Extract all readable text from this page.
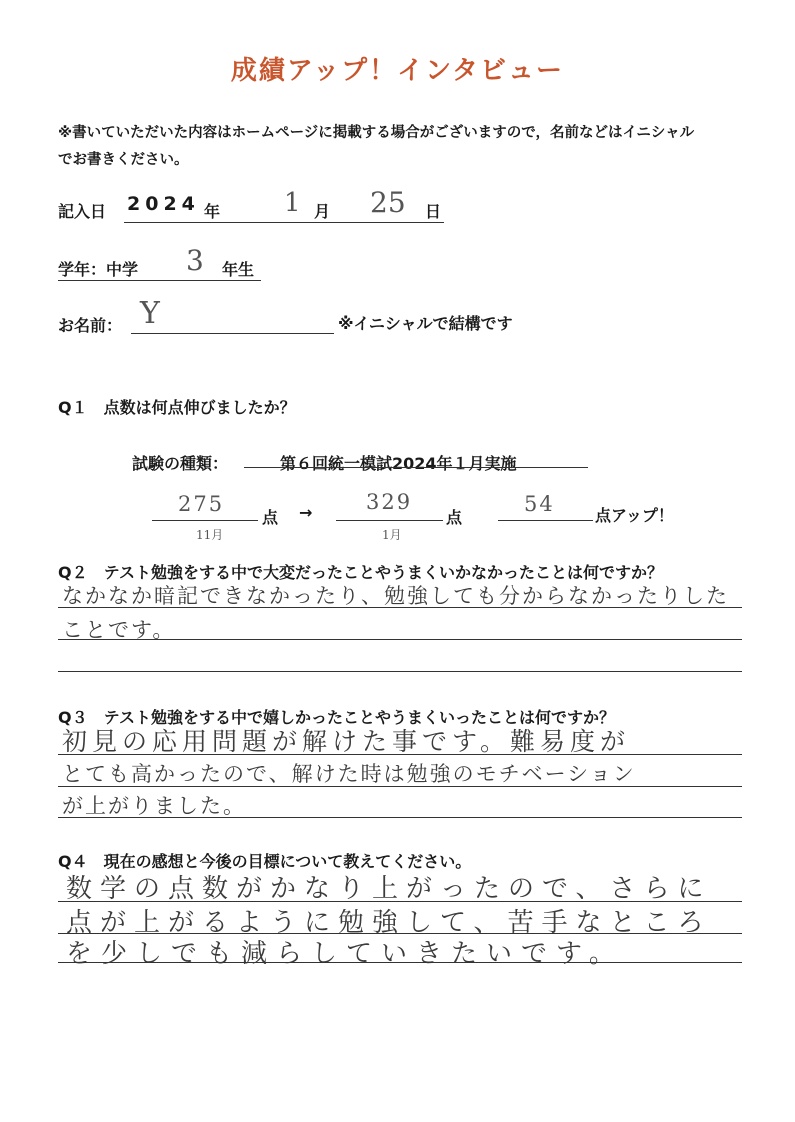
成績アップ！インタビュー
※書いていただいた内容はホームページに掲載する場合がございますので，名前などはイニシャル
でお書きください。
記入日 2024 年 1 月 25 日
学年：中学 3 年生
お名前： Y	※イニシャルで結構です
Q１　点数は何点伸びましたか？
試験の種類：	第６回統一模試2024年１月実施
275
11月
点 →	329
1月
点
54	点アップ！
Q２　テスト勉強をする中で大変だったことやうまくいかなかったことは何ですか？
なかなか暗記できなかったり、勉強しても分からなかったりした
ことです。
Q３　テスト勉強をする中で嬉しかったことやうまくいったことは何ですか？
初見の応用問題が解けた事です。難易度が
とても高かったので、解けた時は勉強のモチベーション
が上がりました。
Q４　現在の感想と今後の目標について教えてください。
数学の点数がかなり上がったので、さらに
点が上がるように勉強して、苦手なところ
を少しでも減らしていきたいです。
